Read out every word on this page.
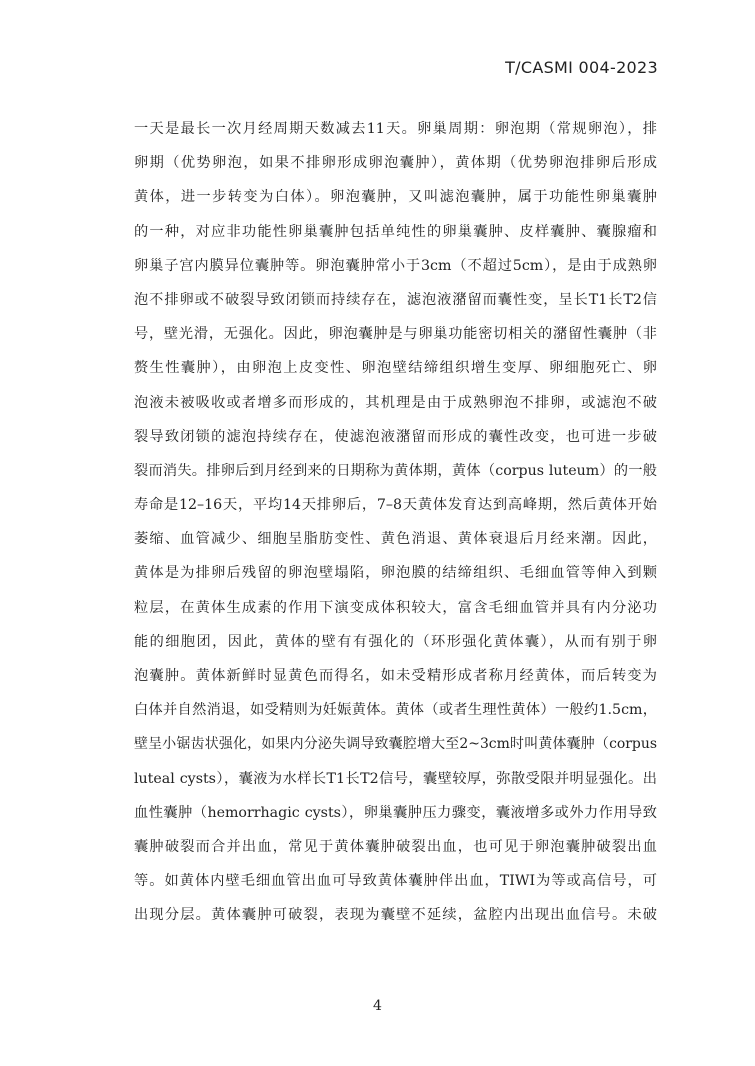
T/CASMI 004-2023
一天是最长一次月经周期天数减去11天。卵巢周期：卵泡期（常规卵泡），排
卵期（优势卵泡，如果不排卵形成卵泡囊肿），黄体期（优势卵泡排卵后形成
黄体，进一步转变为白体）。卵泡囊肿，又叫滤泡囊肿，属于功能性卵巢囊肿
的一种，对应非功能性卵巢囊肿包括单纯性的卵巢囊肿、皮样囊肿、囊腺瘤和
卵巢子宫内膜异位囊肿等。卵泡囊肿常小于3cm（不超过5cm），是由于成熟卵
泡不排卵或不破裂导致闭锁而持续存在，滤泡液潴留而囊性变，呈长T1长T2信
号，壁光滑，无强化。因此，卵泡囊肿是与卵巢功能密切相关的潴留性囊肿（非
赘生性囊肿），由卵泡上皮变性、卵泡壁结缔组织增生变厚、卵细胞死亡、卵
泡液未被吸收或者增多而形成的，其机理是由于成熟卵泡不排卵，或滤泡不破
裂导致闭锁的滤泡持续存在，使滤泡液潴留而形成的囊性改变，也可进一步破
裂而消失。排卵后到月经到来的日期称为黄体期，黄体（corpus luteum）的一般
寿命是12–16天，平均14天排卵后，7–8天黄体发育达到高峰期，然后黄体开始
萎缩、血管减少、细胞呈脂肪变性、黄色消退、黄体衰退后月经来潮。因此，
黄体是为排卵后残留的卵泡壁塌陷，卵泡膜的结缔组织、毛细血管等伸入到颗
粒层，在黄体生成素的作用下演变成体积较大，富含毛细血管并具有内分泌功
能的细胞团，因此，黄体的壁有有强化的（环形强化黄体囊），从而有别于卵
泡囊肿。黄体新鲜时显黄色而得名，如未受精形成者称月经黄体，而后转变为
白体并自然消退，如受精则为妊娠黄体。黄体（或者生理性黄体）一般约1.5cm，
壁呈小锯齿状强化，如果内分泌失调导致囊腔增大至2~3cm时叫黄体囊肿（corpus
luteal cysts），囊液为水样长T1长T2信号，囊壁较厚，弥散受限并明显强化。出
血性囊肿（hemorrhagic cysts），卵巢囊肿压力骤变，囊液增多或外力作用导致
囊肿破裂而合并出血，常见于黄体囊肿破裂出血，也可见于卵泡囊肿破裂出血
等。如黄体内壁毛细血管出血可导致黄体囊肿伴出血，TIWI为等或高信号，可
出现分层。黄体囊肿可破裂，表现为囊壁不延续，盆腔内出现出血信号。未破
4
